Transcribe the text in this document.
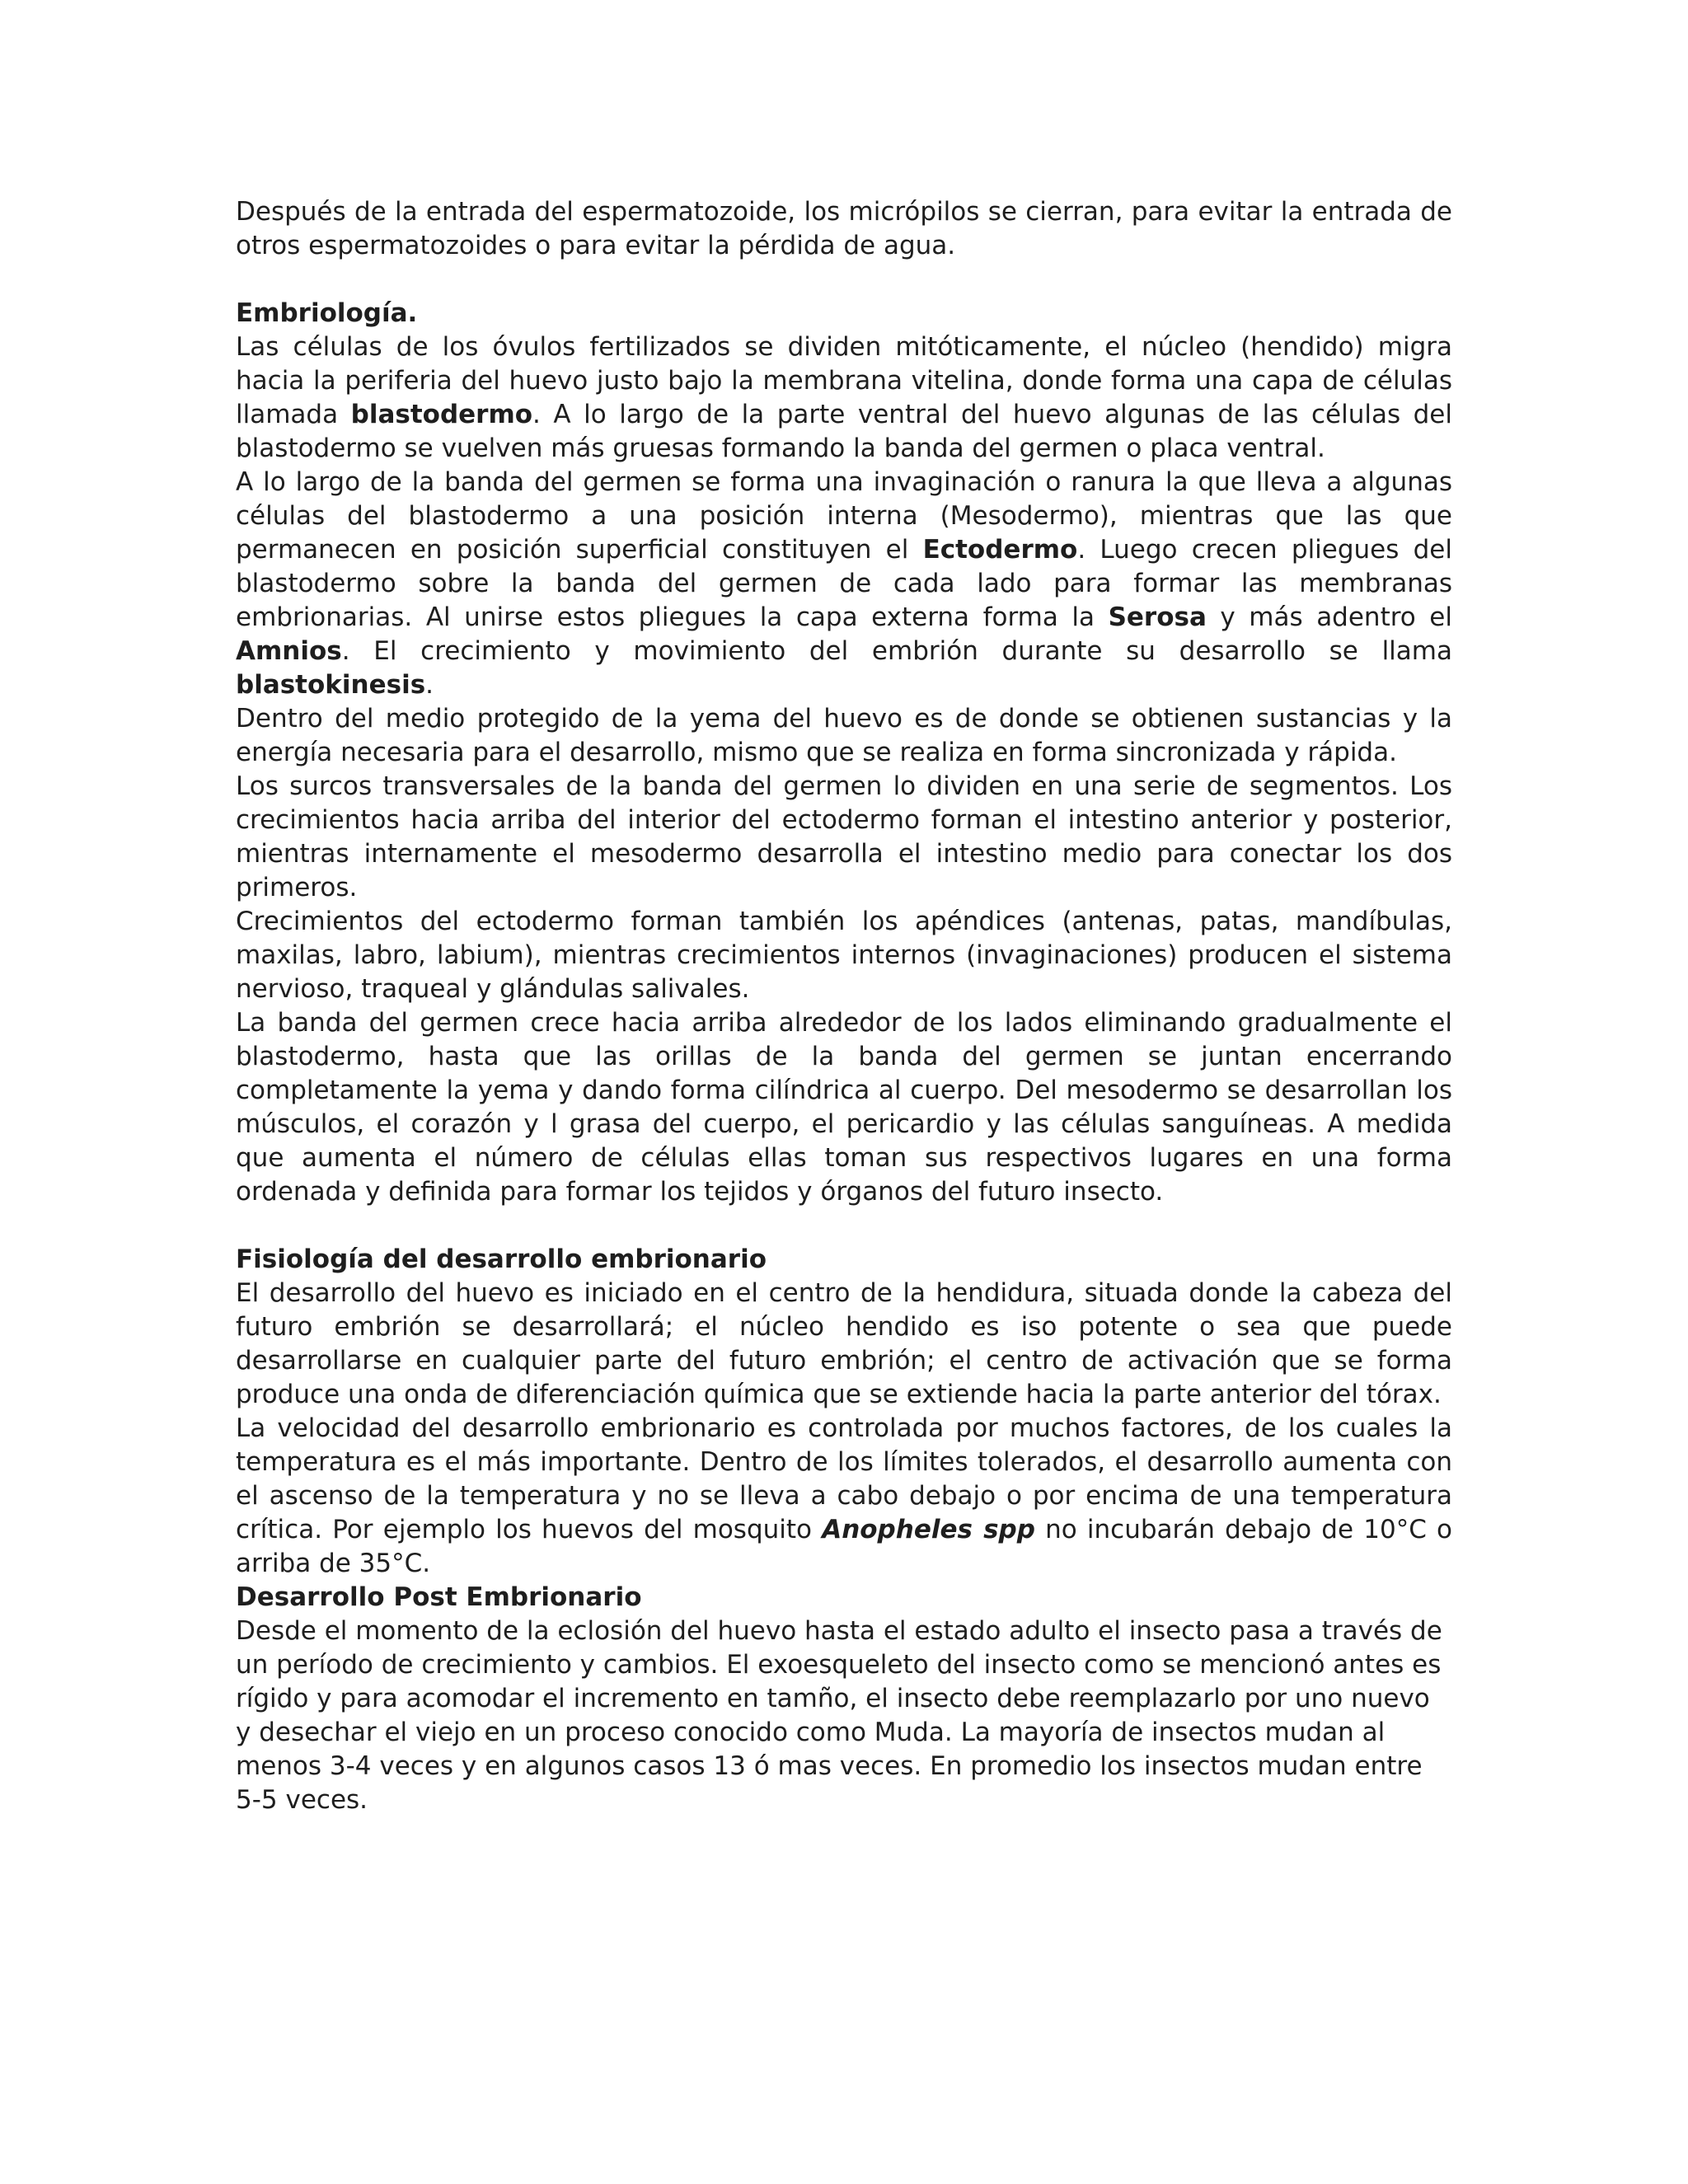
Después de la entrada del espermatozoide, los micrópilos se cierran, para evitar la entrada de otros espermatozoides o para evitar la pérdida de agua.

Embriología.

Las células de los óvulos fertilizados se dividen mitóticamente, el núcleo (hendido) migra hacia la periferia del huevo justo bajo la membrana vitelina, donde forma una capa de células llamada blastodermo. A lo largo de la parte ventral del huevo algunas de las células del blastodermo se vuelven más gruesas formando la banda del germen o placa ventral.

A lo largo de la banda del germen se forma una invaginación o ranura la que lleva a algunas células del blastodermo a una posición interna (Mesodermo), mientras que las que permanecen en posición superficial constituyen el Ectodermo. Luego crecen pliegues del blastodermo sobre la banda del germen de cada lado para formar las membranas embrionarias. Al unirse estos pliegues la capa externa forma la Serosa y más adentro el Amnios. El crecimiento y movimiento del embrión durante su desarrollo se llama blastokinesis.

Dentro del medio protegido de la yema del huevo es de donde se obtienen sustancias y la energía necesaria para el desarrollo, mismo que se realiza en forma sincronizada y rápida.

Los surcos transversales de la banda del germen lo dividen en una serie de segmentos. Los crecimientos hacia arriba del interior del ectodermo forman el intestino anterior y posterior, mientras internamente el mesodermo desarrolla el intestino medio para conectar los dos primeros.

Crecimientos del ectodermo forman también los apéndices (antenas, patas, mandíbulas, maxilas, labro, labium), mientras crecimientos internos (invaginaciones) producen el sistema nervioso, traqueal y glándulas salivales.

La banda del germen crece hacia arriba alrededor de los lados eliminando gradualmente el blastodermo, hasta que las orillas de la banda del germen se juntan encerrando completamente la yema y dando forma cilíndrica al cuerpo. Del mesodermo se desarrollan los músculos, el corazón y l grasa del cuerpo, el pericardio y las células sanguíneas. A medida que aumenta el número de células ellas toman sus respectivos lugares en una forma ordenada y definida para formar los tejidos y órganos del futuro insecto.

Fisiología del desarrollo embrionario

El desarrollo del huevo es iniciado en el centro de la hendidura, situada donde la cabeza del futuro embrión se desarrollará; el núcleo hendido es iso potente o sea que puede desarrollarse en cualquier parte del futuro embrión; el centro de activación que se forma produce una onda de diferenciación química que se extiende hacia la parte anterior del tórax.

La velocidad del desarrollo embrionario es controlada por muchos factores, de los cuales la temperatura es el más importante. Dentro de los límites tolerados, el desarrollo aumenta con el ascenso de la temperatura y no se lleva a cabo debajo o por encima de una temperatura crítica. Por ejemplo los huevos del mosquito Anopheles spp no incubarán debajo de 10°C o arriba de 35°C.

Desarrollo Post Embrionario

Desde el momento de la eclosión del huevo hasta el estado adulto el insecto pasa a través de un período de crecimiento y cambios. El exoesqueleto del insecto como se mencionó antes es rígido y para acomodar el incremento en tamño, el insecto debe reemplazarlo por uno nuevo y desechar el viejo en un proceso conocido como Muda. La mayoría de insectos mudan al menos 3-4 veces y en algunos casos 13 ó mas veces. En promedio los insectos mudan entre 5-5 veces.
